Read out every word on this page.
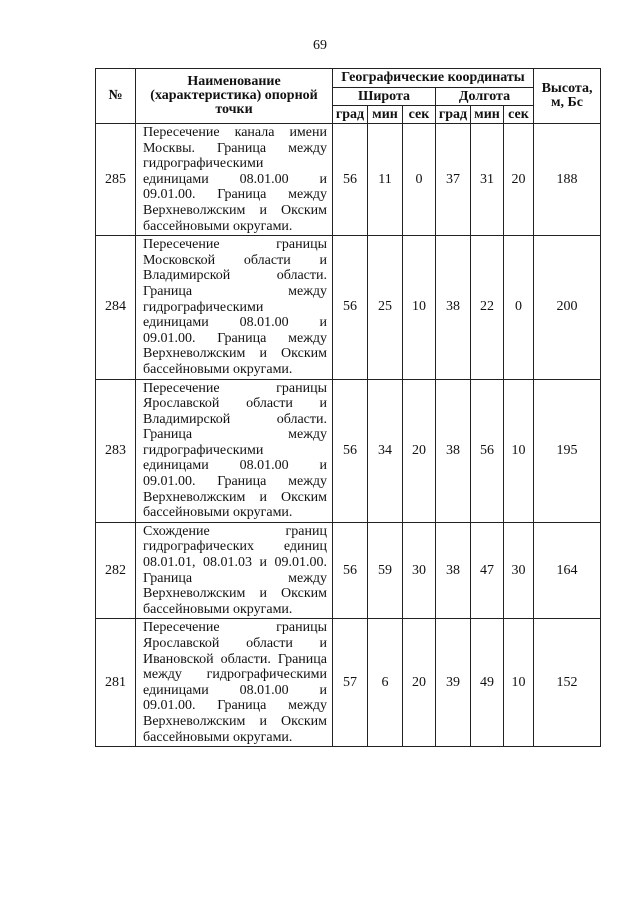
69
№	Наименование (характеристика) опорной точки	Географические координаты						Высота, м, Бс
		Широта			Долгота			
		град	мин	сек	град	мин	сек	
285	Пересечение канала имени Москвы. Граница между гидрографическими единицами 08.01.00 и 09.01.00. Граница между Верхневолжским и Окским бассейновыми округами.	56	11	0	37	31	20	188
284	Пересечение границы Московской области и Владимирской области. Граница между гидрографическими единицами 08.01.00 и 09.01.00. Граница между Верхневолжским и Окским бассейновыми округами.	56	25	10	38	22	0	200
283	Пересечение границы Ярославской области и Владимирской области. Граница между гидрографическими единицами 08.01.00 и 09.01.00. Граница между Верхневолжским и Окским бассейновыми округами.	56	34	20	38	56	10	195
282	Схождение границ гидрографических единиц 08.01.01, 08.01.03 и 09.01.00. Граница между Верхневолжским и Окским бассейновыми округами.	56	59	30	38	47	30	164
281	Пересечение границы Ярославской области и Ивановской области. Граница между гидрографическими единицами 08.01.00 и 09.01.00. Граница между Верхневолжским и Окским бассейновыми округами.	57	6	20	39	49	10	152
